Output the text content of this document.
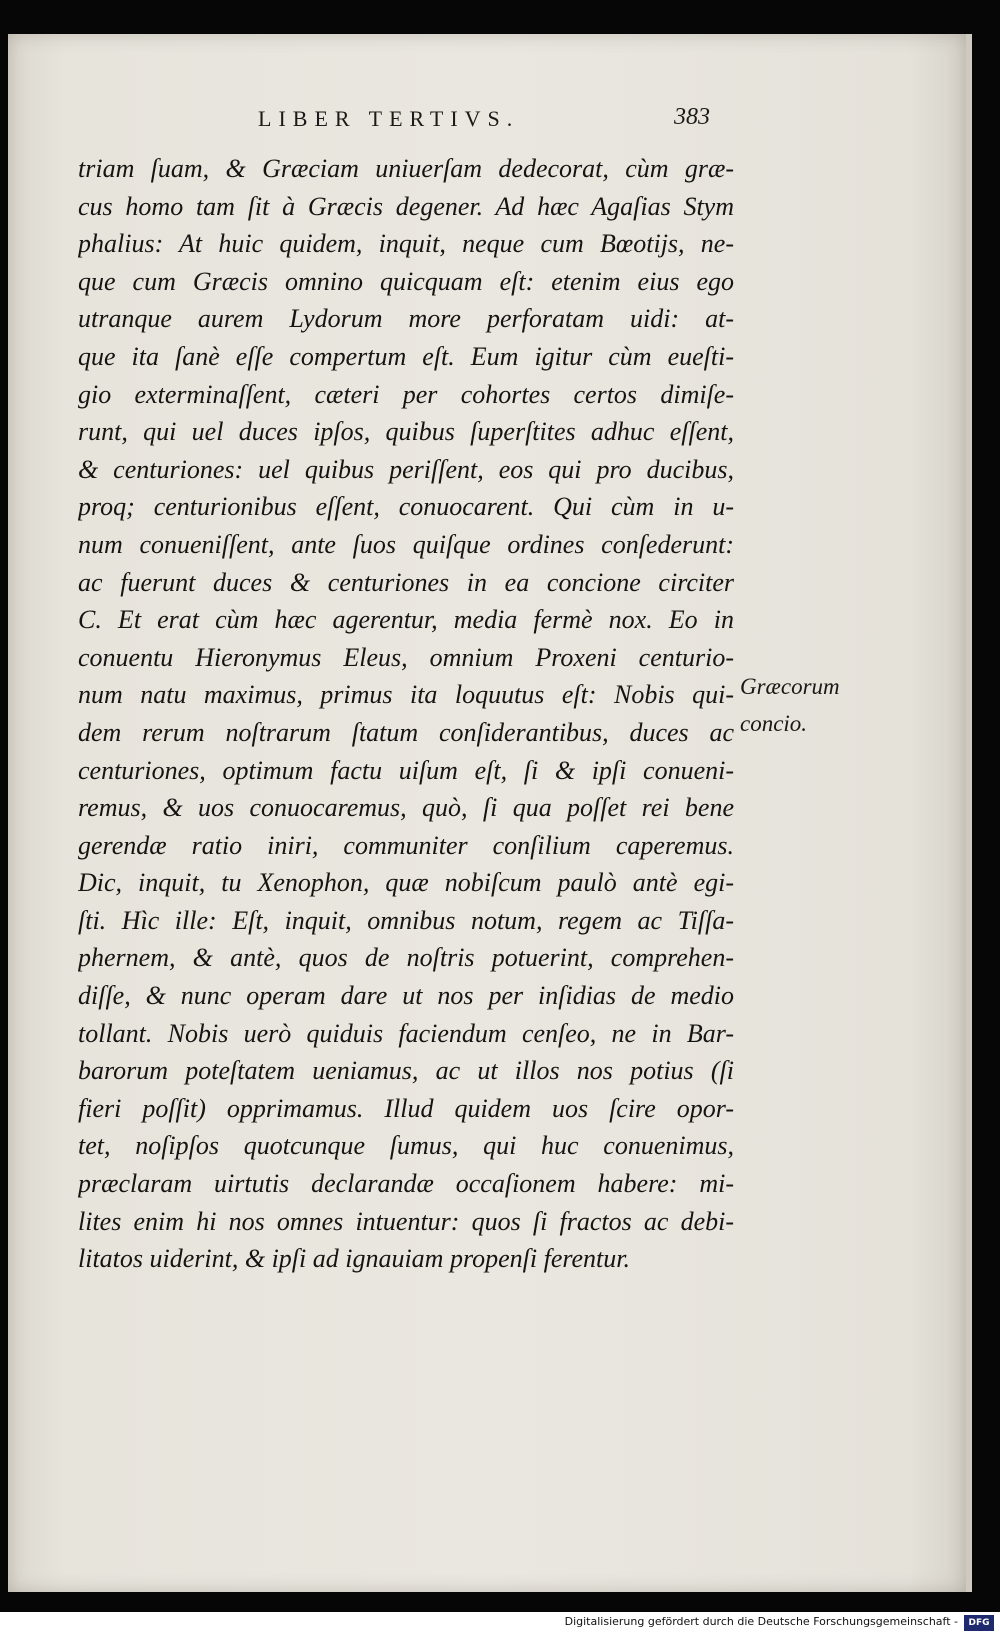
LIBER TERTIVS.	383
triam ſuam, & Græciam uniuerſam dedecorat, cùm græ-
cus homo tam ſit à Græcis degener. Ad hæc Agaſias Stym
phalius: At huic quidem, inquit, neque cum Bœotijs, ne-
que cum Græcis omnino quicquam eſt: etenim eius ego
utranque aurem Lydorum more perforatam uidi: at-
que ita ſanè eſſe compertum eſt. Eum igitur cùm eueſti-
gio exterminaſſent, cæteri per cohortes certos dimiſe-
runt, qui uel duces ipſos, quibus ſuperſtites adhuc eſſent,
& centuriones: uel quibus periſſent, eos qui pro ducibus,
proq; centurionibus eſſent, conuocarent. Qui cùm in u-
num conueniſſent, ante ſuos quiſque ordines conſederunt:
ac fuerunt duces & centuriones in ea concione circiter
C. Et erat cùm hæc agerentur, media fermè nox. Eo in
conuentu Hieronymus Eleus, omnium Proxeni centurio-
num natu maximus, primus ita loquutus eſt: Nobis qui-
dem rerum noſtrarum ſtatum conſiderantibus, duces ac
centuriones, optimum factu uiſum eſt, ſi & ipſi conueni-
remus, & uos conuocaremus, quò, ſi qua poſſet rei bene
gerendæ ratio iniri, communiter conſilium caperemus.
Dic, inquit, tu Xenophon, quæ nobiſcum paulò antè egi-
ſti. Hìc ille: Eſt, inquit, omnibus notum, regem ac Tiſſa-
phernem, & antè, quos de noſtris potuerint, comprehen-
diſſe, & nunc operam dare ut nos per inſidias de medio
tollant. Nobis uerò quiduis faciendum cenſeo, ne in Bar-
barorum poteſtatem ueniamus, ac ut illos nos potius (ſi
fieri poſſit) opprimamus. Illud quidem uos ſcire opor-
tet, noſipſos quotcunque ſumus, qui huc conuenimus,
præclaram uirtutis declarandæ occaſionem habere: mi-
lites enim hi nos omnes intuentur: quos ſi fractos ac debi-
litatos uiderint, & ipſi ad ignauiam propenſi ferentur.
Græcorum
concio.
Digitalisierung gefördert durch die Deutsche Forschungsgemeinschaft -	DFG
